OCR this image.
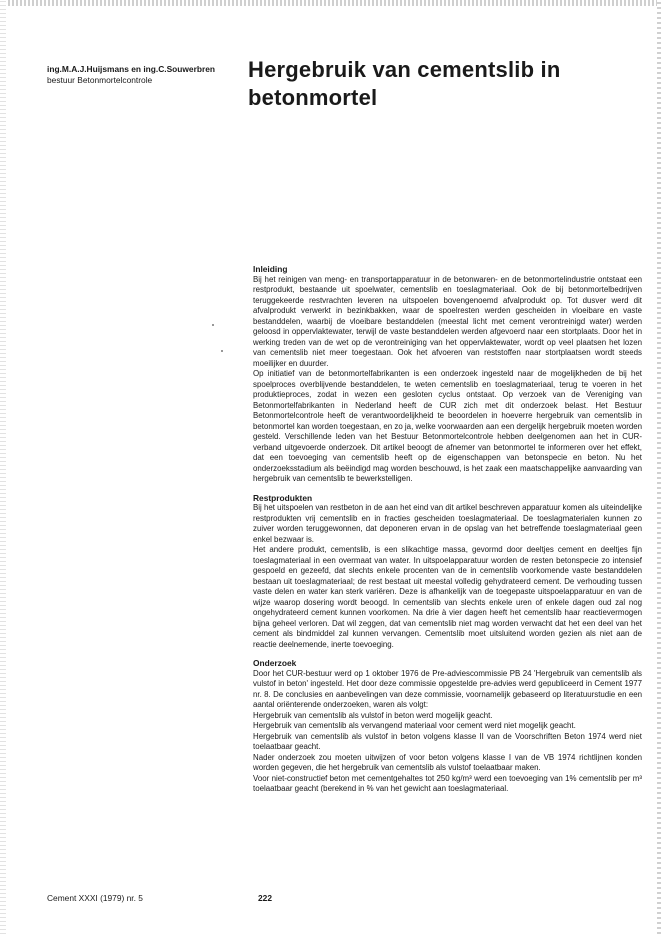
ing.M.A.J.Huijsmans en ing.C.Souwerbren
bestuur Betonmortelcontrole	Hergebruik van cementslib in betonmortel
Inleiding

Bij het reinigen van meng- en transportapparatuur in de betonwaren- en de betonmortelindustrie ontstaat een restprodukt, bestaande uit spoelwater, cementslib en toeslagmateriaal. Ook de bij betonmortelbedrijven teruggekeerde restvrachten leveren na uitspoelen bovengenoemd afvalprodukt op. Tot dusver werd dit afvalprodukt verwerkt in bezinkbakken, waar de spoelresten werden gescheiden in vloeibare en vaste bestanddelen, waarbij de vloeibare bestanddelen (meestal licht met cement verontreinigd water) werden geloosd in oppervlaktewater, terwijl de vaste bestanddelen werden afgevoerd naar een stortplaats. Door het in werking treden van de wet op de verontreiniging van het oppervlaktewater, wordt op veel plaatsen het lozen van cementslib niet meer toegestaan. Ook het afvoeren van reststoffen naar stortplaatsen wordt steeds moeilijker en duurder.

Op initiatief van de betonmortelfabrikanten is een onderzoek ingesteld naar de mogelijkheden de bij het spoelproces overblijvende bestanddelen, te weten cementslib en toeslagmateriaal, terug te voeren in het produktieproces, zodat in wezen een gesloten cyclus ontstaat. Op verzoek van de Vereniging van Betonmortelfabrikanten in Nederland heeft de CUR zich met dit onderzoek belast. Het Bestuur Betonmortelcontrole heeft de verantwoordelijkheid te beoordelen in hoeverre hergebruik van cementslib in betonmortel kan worden toegestaan, en zo ja, welke voorwaarden aan een dergelijk hergebruik moeten worden gesteld. Verschillende leden van het Bestuur Betonmortelcontrole hebben deelgenomen aan het in CUR-verband uitgevoerde onderzoek. Dit artikel beoogt de afnemer van betonmortel te informeren over het effekt, dat een toevoeging van cementslib heeft op de eigenschappen van betonspecie en beton. Nu het onderzoeksstadium als beëindigd mag worden beschouwd, is het zaak een maatschappelijke aanvaarding van hergebruik van cementslib te bewerkstelligen.

Restprodukten

Bij het uitspoelen van restbeton in de aan het eind van dit artikel beschreven apparatuur komen als uiteindelijke restprodukten vrij cementslib en in fracties gescheiden toeslagmateriaal. De toeslagmaterialen kunnen zo zuiver worden teruggewonnen, dat deponeren ervan in de opslag van het betreffende toeslagmateriaal geen enkel bezwaar is.

Het andere produkt, cementslib, is een slikachtige massa, gevormd door deeltjes cement en deeltjes fijn toeslagmateriaal in een overmaat van water. In uitspoelapparatuur worden de resten betonspecie zo intensief gespoeld en gezeefd, dat slechts enkele procenten van de in cementslib voorkomende vaste bestanddelen bestaan uit toeslagmateriaal; de rest bestaat uit meestal volledig gehydrateerd cement. De verhouding tussen vaste delen en water kan sterk variëren. Deze is afhankelijk van de toegepaste uitspoelapparatuur en van de wijze waarop dosering wordt beoogd. In cementslib van slechts enkele uren of enkele dagen oud zal nog ongehydrateerd cement kunnen voorkomen. Na drie à vier dagen heeft het cementslib haar reactievermogen bijna geheel verloren. Dat wil zeggen, dat van cementslib niet mag worden verwacht dat het een deel van het cement als bindmiddel zal kunnen vervangen. Cementslib moet uitsluitend worden gezien als niet aan de reactie deelnemende, inerte toevoeging.

Onderzoek

Door het CUR-bestuur werd op 1 oktober 1976 de Pre-adviescommissie PB 24 'Hergebruik van cementslib als vulstof in beton' ingesteld. Het door deze commissie opgestelde pre-advies werd gepubliceerd in Cement 1977 nr. 8. De conclusies en aanbevelingen van deze commissie, voornamelijk gebaseerd op literatuurstudie en een aantal oriënterende onderzoeken, waren als volgt:

Hergebruik van cementslib als vulstof in beton werd mogelijk geacht.

Hergebruik van cementslib als vervangend materiaal voor cement werd niet mogelijk geacht.

Hergebruik van cementslib als vulstof in beton volgens klasse II van de Voorschriften Beton 1974 werd niet toelaatbaar geacht.

Nader onderzoek zou moeten uitwijzen of voor beton volgens klasse I van de VB 1974 richtlijnen konden worden gegeven, die het hergebruik van cementslib als vulstof toelaatbaar maken.

Voor niet-constructief beton met cementgehaltes tot 250 kg/m³ werd een toevoeging van 1% cementslib per m³ toelaatbaar geacht (berekend in % van het gewicht aan toeslagmateriaal.

Cement XXXI (1979) nr. 5	222
